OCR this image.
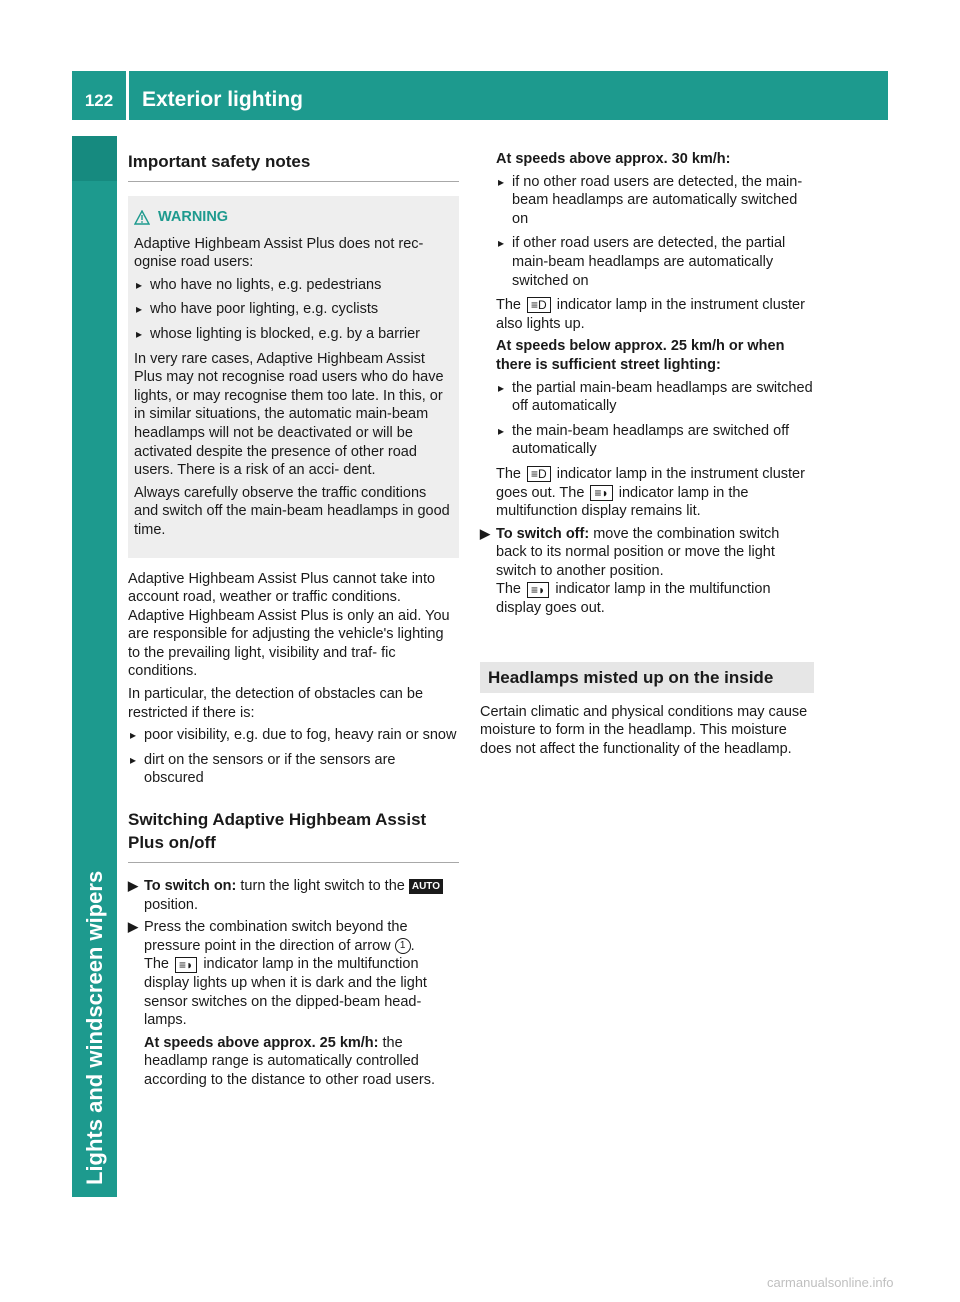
122	Exterior lighting
Lights and windscreen wipers
Important safety notes
WARNING

Adaptive Highbeam Assist Plus does not rec- ognise road users:

▸ who have no lights, e.g. pedestrians
▸ who have poor lighting, e.g. cyclists
▸ whose lighting is blocked, e.g. by a barrier

In very rare cases, Adaptive Highbeam Assist Plus may not recognise road users who do have lights, or may recognise them too late. In this, or in similar situations, the automatic main-beam headlamps will not be deactivated or will be activated despite the presence of other road users. There is a risk of an acci- dent.

Always carefully observe the traffic conditions and switch off the main-beam headlamps in good time.

Adaptive Highbeam Assist Plus cannot take into account road, weather or traffic conditions. Adaptive Highbeam Assist Plus is only an aid. You are responsible for adjusting the vehicle's lighting to the prevailing light, visibility and traf- fic conditions.

In particular, the detection of obstacles can be restricted if there is:

▸ poor visibility, e.g. due to fog, heavy rain or snow
▸ dirt on the sensors or if the sensors are obscured
Switching Adaptive Highbeam Assist Plus on/off
▶ To switch on: turn the light switch to the AUTO position.
▶ Press the combination switch beyond the pressure point in the direction of arrow 1 .
The ≡◗ indicator lamp in the multifunction display lights up when it is dark and the light sensor switches on the dipped-beam head- lamps.

At speeds above approx. 25 km/h: the headlamp range is automatically controlled according to the distance to other road users.

At speeds above approx. 30 km/h:

▸ if no other road users are detected, the main-beam headlamps are automatically switched on
▸ if other road users are detected, the partial main-beam headlamps are automatically switched on

The ≡D indicator lamp in the instrument cluster also lights up.

At speeds below approx. 25 km/h or when there is sufficient street lighting:

▸ the partial main-beam headlamps are switched off automatically
▸ the main-beam headlamps are switched off automatically

The ≡D indicator lamp in the instrument cluster goes out. The ≡◗ indicator lamp in the multifunction display remains lit.

▶ To switch off: move the combination switch back to its normal position or move the light switch to another position.
The ≡◗ indicator lamp in the multifunction display goes out.
Headlamps misted up on the inside

Certain climatic and physical conditions may cause moisture to form in the headlamp. This moisture does not affect the functionality of the headlamp.

carmanualsonline.info
